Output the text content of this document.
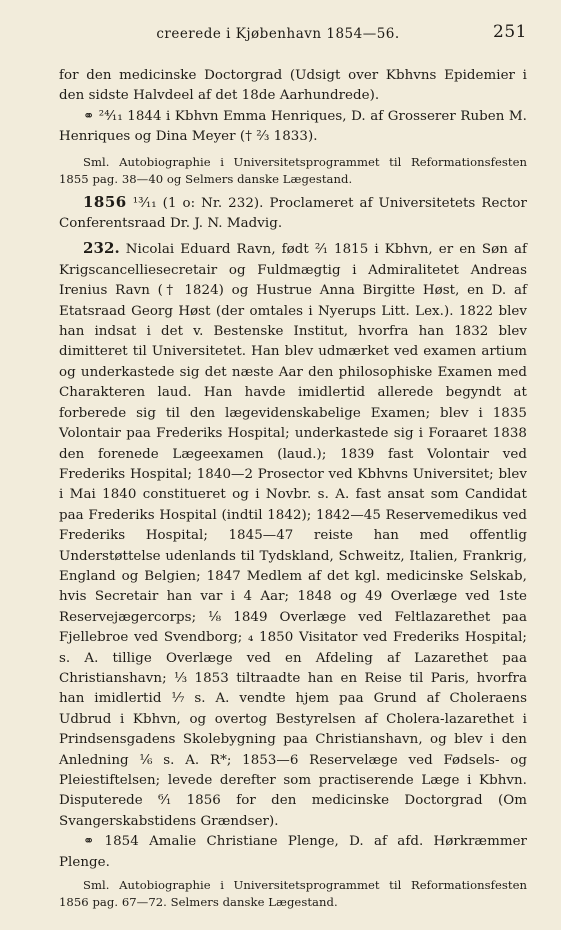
creerede i Kjøbenhavn 1854—56.	251

for den medicinske Doctorgrad (Udsigt over Kbhvns Epidemier i den sidste Halvdeel af det 18de Aarhundrede).

⚭ ²⁴⁄₁₁ 1844 i Kbhvn Emma Henriques, D. af Grosserer Ruben M. Henriques og Dina Meyer († ²⁄₃ 1833).

Sml. Autobiographie i Universitetsprogrammet til Reformationsfesten 1855 pag. 38—40 og Selmers danske Lægestand.

1856 ¹³⁄₁₁ (1 o: Nr. 232). Proclameret af Universitetets Rector Conferentsraad Dr. J. N. Madvig.

232. Nicolai Eduard Ravn, født ²⁄₁ 1815 i Kbhvn, er en Søn af Krigscancelliesecretair og Fuldmægtig i Admiralitetet Andreas Irenius Ravn († 1824) og Hustrue Anna Birgitte Høst, en D. af Etatsraad Georg Høst (der omtales i Nyerups Litt. Lex.). 1822 blev han indsat i det v. Bestenske Institut, hvorfra han 1832 blev dimitteret til Universitetet. Han blev udmærket ved examen artium og underkastede sig det næste Aar den philosophiske Examen med Charakteren laud. Han havde imidlertid allerede begyndt at forberede sig til den lægevidenskabelige Examen; blev i 1835 Volontair paa Frederiks Hospital; underkastede sig i Foraaret 1838 den forenede Lægeexamen (laud.); 1839 fast Volontair ved Frederiks Hospital; 1840—2 Prosector ved Kbhvns Universitet; blev i Mai 1840 constitueret og i Novbr. s. A. fast ansat som Candidat paa Frederiks Hospital (indtil 1842); 1842—45 Reservemedikus ved Frederiks Hospital; 1845—47 reiste han med offentlig Understøttelse udenlands til Tydskland, Schweitz, Italien, Frankrig, England og Belgien; 1847 Medlem af det kgl. medicinske Selskab, hvis Secretair han var i 4 Aar; 1848 og 49 Overlæge ved 1ste Reservejægercorps; ⅛ 1849 Overlæge ved Feltlazarethet paa Fjellebroe ved Svendborg; ₄ 1850 Visitator ved Frederiks Hospital; s. A. tillige Overlæge ved en Afdeling af Lazarethet paa Christianshavn; ¹⁄₃ 1853 tiltraadte han en Reise til Paris, hvorfra han imidlertid ¹⁄₇ s. A. vendte hjem paa Grund af Choleraens Udbrud i Kbhvn, og overtog Bestyrelsen af Cholera-lazarethet i Prindsensgadens Skolebygning paa Christianshavn, og blev i den Anledning ¹⁄₆ s. A. R*; 1853—6 Reservelæge ved Fødsels- og Pleiestiftelsen; levede derefter som practiserende Læge i Kbhvn. Disputerede ⁶⁄₁ 1856 for den medicinske Doctorgrad (Om Svangerskabstidens Grændser).

⚭ 1854 Amalie Christiane Plenge, D. af afd. Hørkræmmer Plenge.

Sml. Autobiographie i Universitetsprogrammet til Reformationsfesten 1856 pag. 67—72. Selmers danske Lægestand.
